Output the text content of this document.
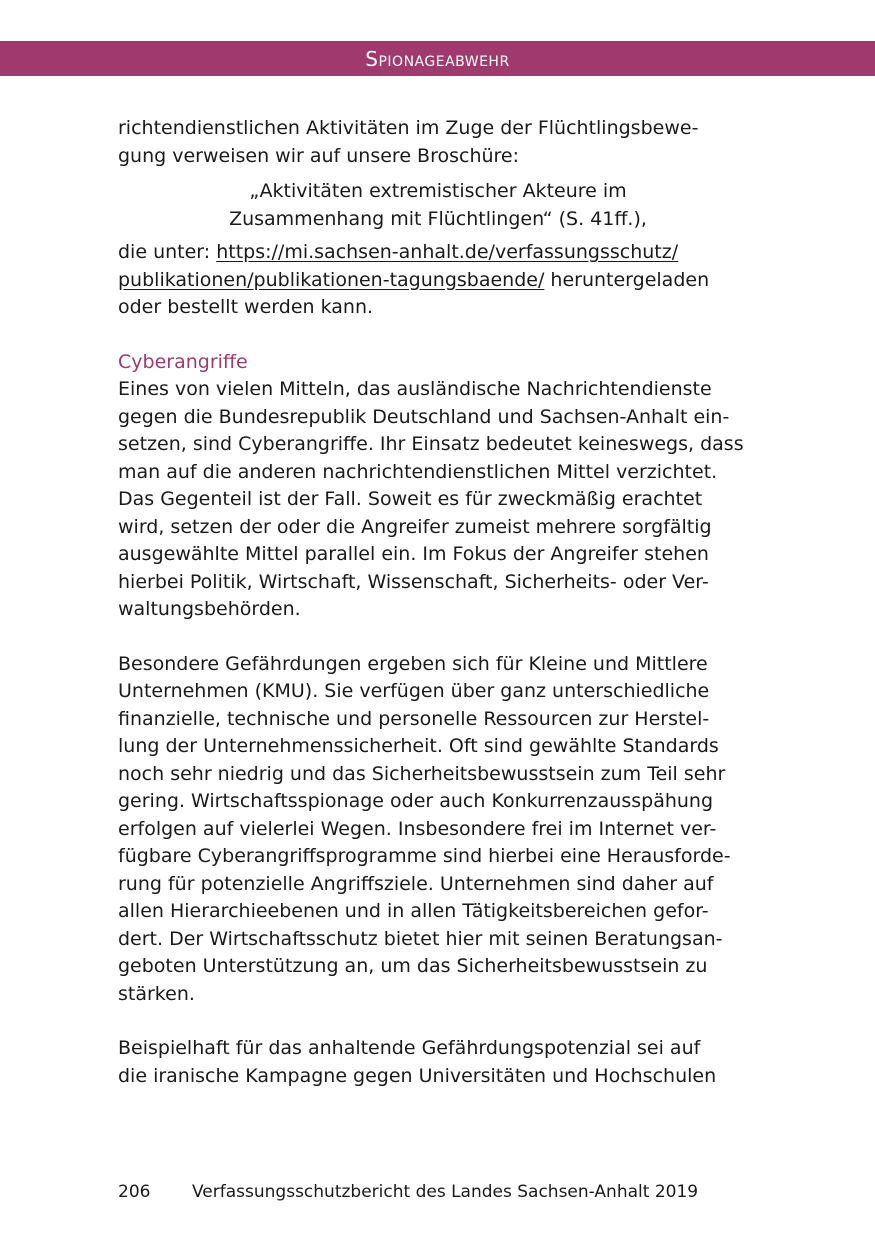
Spionageabwehr

richtendienstlichen Aktivitäten im Zuge der Flüchtlingsbewe-

gung verweisen wir auf unsere Broschüre:

„Aktivitäten extremistischer Akteure im
Zusammenhang mit Flüchtlingen“ (S. 41ff.),

die unter: https://mi.sachsen-anhalt.de/verfassungsschutz/
publikationen/publikationen-tagungsbaende/ heruntergeladen
oder bestellt werden kann.

Cyberangriffe

Eines von vielen Mitteln, das ausländische Nachrichtendienste

gegen die Bundesrepublik Deutschland und Sachsen-Anhalt ein-

setzen, sind Cyberangriffe. Ihr Einsatz bedeutet keineswegs, dass

man auf die anderen nachrichtendienstlichen Mittel verzichtet.

Das Gegenteil ist der Fall. Soweit es für zweckmäßig erachtet

wird, setzen der oder die Angreifer zumeist mehrere sorgfältig

ausgewählte Mittel parallel ein. Im Fokus der Angreifer stehen

hierbei Politik, Wirtschaft, Wissenschaft, Sicherheits- oder Ver-

waltungsbehörden.

Besondere Gefährdungen ergeben sich für Kleine und Mittlere

Unternehmen (KMU). Sie verfügen über ganz unterschiedliche

finanzielle, technische und personelle Ressourcen zur Herstel-

lung der Unternehmenssicherheit. Oft sind gewählte Standards

noch sehr niedrig und das Sicherheitsbewusstsein zum Teil sehr

gering. Wirtschaftsspionage oder auch Konkurrenzausspähung

erfolgen auf vielerlei Wegen. Insbesondere frei im Internet ver-

fügbare Cyberangriffsprogramme sind hierbei eine Herausforde-

rung für potenzielle Angriffsziele. Unternehmen sind daher auf

allen Hierarchieebenen und in allen Tätigkeitsbereichen gefor-

dert. Der Wirtschaftsschutz bietet hier mit seinen Beratungsan-

geboten Unterstützung an, um das Sicherheitsbewusstsein zu

stärken.

Beispielhaft für das anhaltende Gefährdungspotenzial sei auf

die iranische Kampagne gegen Universitäten und Hochschulen

206 Verfassungsschutzbericht des Landes Sachsen-Anhalt 2019
